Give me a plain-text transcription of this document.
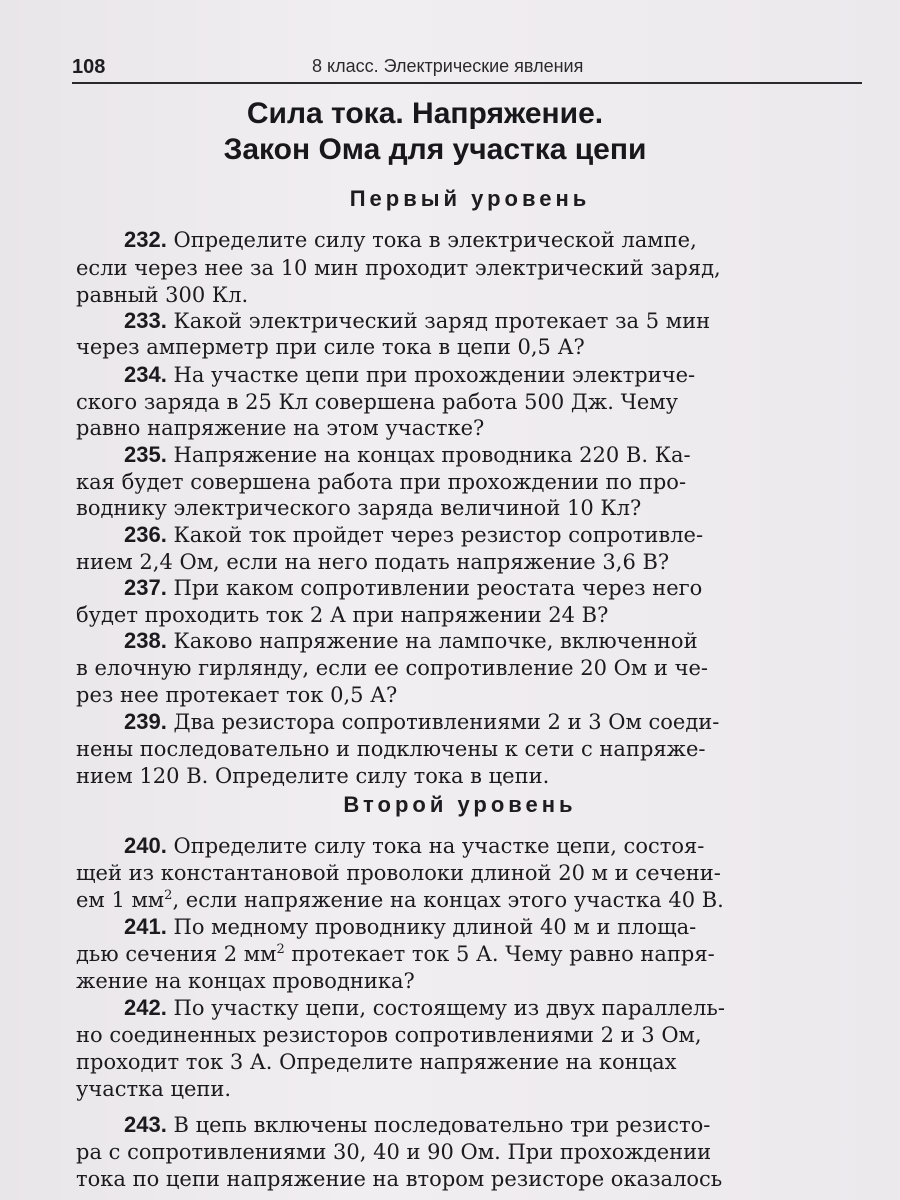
108	8 класс. Электрические явления
Сила тока. Напряжение.
Закон Ома для участка цепи
Первый уровень
232. Определите силу тока в электрической лампе,
если через нее за 10 мин проходит электрический заряд,
равный 300 Кл.
233. Какой электрический заряд протекает за 5 мин
через амперметр при силе тока в цепи 0,5 А?
234. На участке цепи при прохождении электриче-
ского заряда в 25 Кл совершена работа 500 Дж. Чему
равно напряжение на этом участке?
235. Напряжение на концах проводника 220 В. Ка-
кая будет совершена работа при прохождении по про-
воднику электрического заряда величиной 10 Кл?
236. Какой ток пройдет через резистор сопротивле-
нием 2,4 Ом, если на него подать напряжение 3,6 В?
237. При каком сопротивлении реостата через него
будет проходить ток 2 А при напряжении 24 В?
238. Каково напряжение на лампочке, включенной
в елочную гирлянду, если ее сопротивление 20 Ом и че-
рез нее протекает ток 0,5 А?
239. Два резистора сопротивлениями 2 и 3 Ом соеди-
нены последовательно и подключены к сети с напряже-
нием 120 В. Определите силу тока в цепи.
Второй уровень
240. Определите силу тока на участке цепи, состоя-
щей из константановой проволоки длиной 20 м и сечени-
ем 1 $мм^2$, если напряжение на концах этого участка 40 В.
241. По медному проводнику длиной 40 м и площа-
дью сечения 2 $мм^2$ протекает ток 5 А. Чему равно напря-
жение на концах проводника?
242. По участку цепи, состоящему из двух параллель-
но соединенных резисторов сопротивлениями 2 и 3 Ом,
проходит ток 3 А. Определите напряжение на концах
участка цепи.
243. В цепь включены последовательно три резисто-
ра с сопротивлениями 30, 40 и 90 Ом. При прохождении
тока по цепи напряжение на втором резисторе оказалось
